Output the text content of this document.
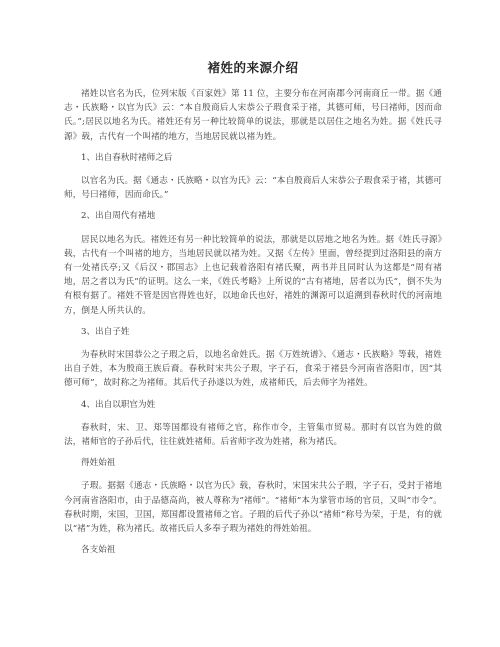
褚姓的来源介绍

褚姓以官名为氏，位列宋版《百家姓》第 11 位，主要分布在河南郡今河南商丘一带。据《通志・氏族略・以官为氏》云：“本自殷商后人宋恭公子瑕食采于褚，其德可师，号曰褚师，因而命氏。”;居民以地名为氏。褚姓还有另一种比较简单的说法，那就是以居住之地名为姓。据《姓氏寻源》载，古代有一个叫褚的地方，当地居民就以褚为姓。

1、出自春秋时褚师之后

以官名为氏。据《通志・氏族略・以官为氏》云：“本自殷商后人宋恭公子瑕食采于褚，其德可师，号曰褚师，因而命氏。”

2、出自周代有褚地

居民以地名为氏。褚姓还有另一种比较简单的说法，那就是以居地之地名为姓。据《姓氏寻源》载，古代有一个叫褚的地方，当地居民就以褚为姓。又据《左传》里面，曾经提到过洛阳县的南方有一处褚氏亭;又《后汉・郡国志》上也记载着洛阳有褚氏聚，两书并且同时认为这都是“周有褚地，居之者以为氏”的证明。这么一来，《姓氏考略》上所说的“古有褚地，居者以为氏”，倒不失为有根有据了。褚姓不管是因官得姓也好，以地命氏也好，褚姓的渊源可以追溯到春秋时代的河南地方，倒是人所共认的。

3、出自子姓

为春秋时宋国恭公之子瑕之后，以地名命姓氏。据《万姓统谱》、《通志・氏族略》等载，褚姓出自子姓，本为殷商王族后裔。春秋时宋共公子瑕，字子石，食采于褚县今河南省洛阳市，因“其德可师”，故时称之为褚师。其后代子孙遂以为姓，成褚师氏，后去师字为褚姓。

4、出自以职官为姓

春秋时，宋、卫、郑等国都设有褚师之官，称作市令，主管集市贸易。那时有以官为姓的做法，褚师官的子孙后代，往往就姓褚师。后省师字改为姓褚，称为褚氏。

得姓始祖

子瑕。据据《通志・氏族略・以官为氏》载，春秋时，宋国宋共公子瑕，字子石，受封于褚地今河南省洛阳市，由于品德高尚，被人尊称为“褚师”。“褚师”本为掌管市场的官员，又叫“市令”。春秋时期，宋国，卫国，郑国都设置褚师之官。子瑕的后代子孙以“褚师”称号为荣，于是，有的就以“褚”为姓，称为褚氏。故褚氏后人多奉子瑕为褚姓的得姓始祖。

各支始祖
